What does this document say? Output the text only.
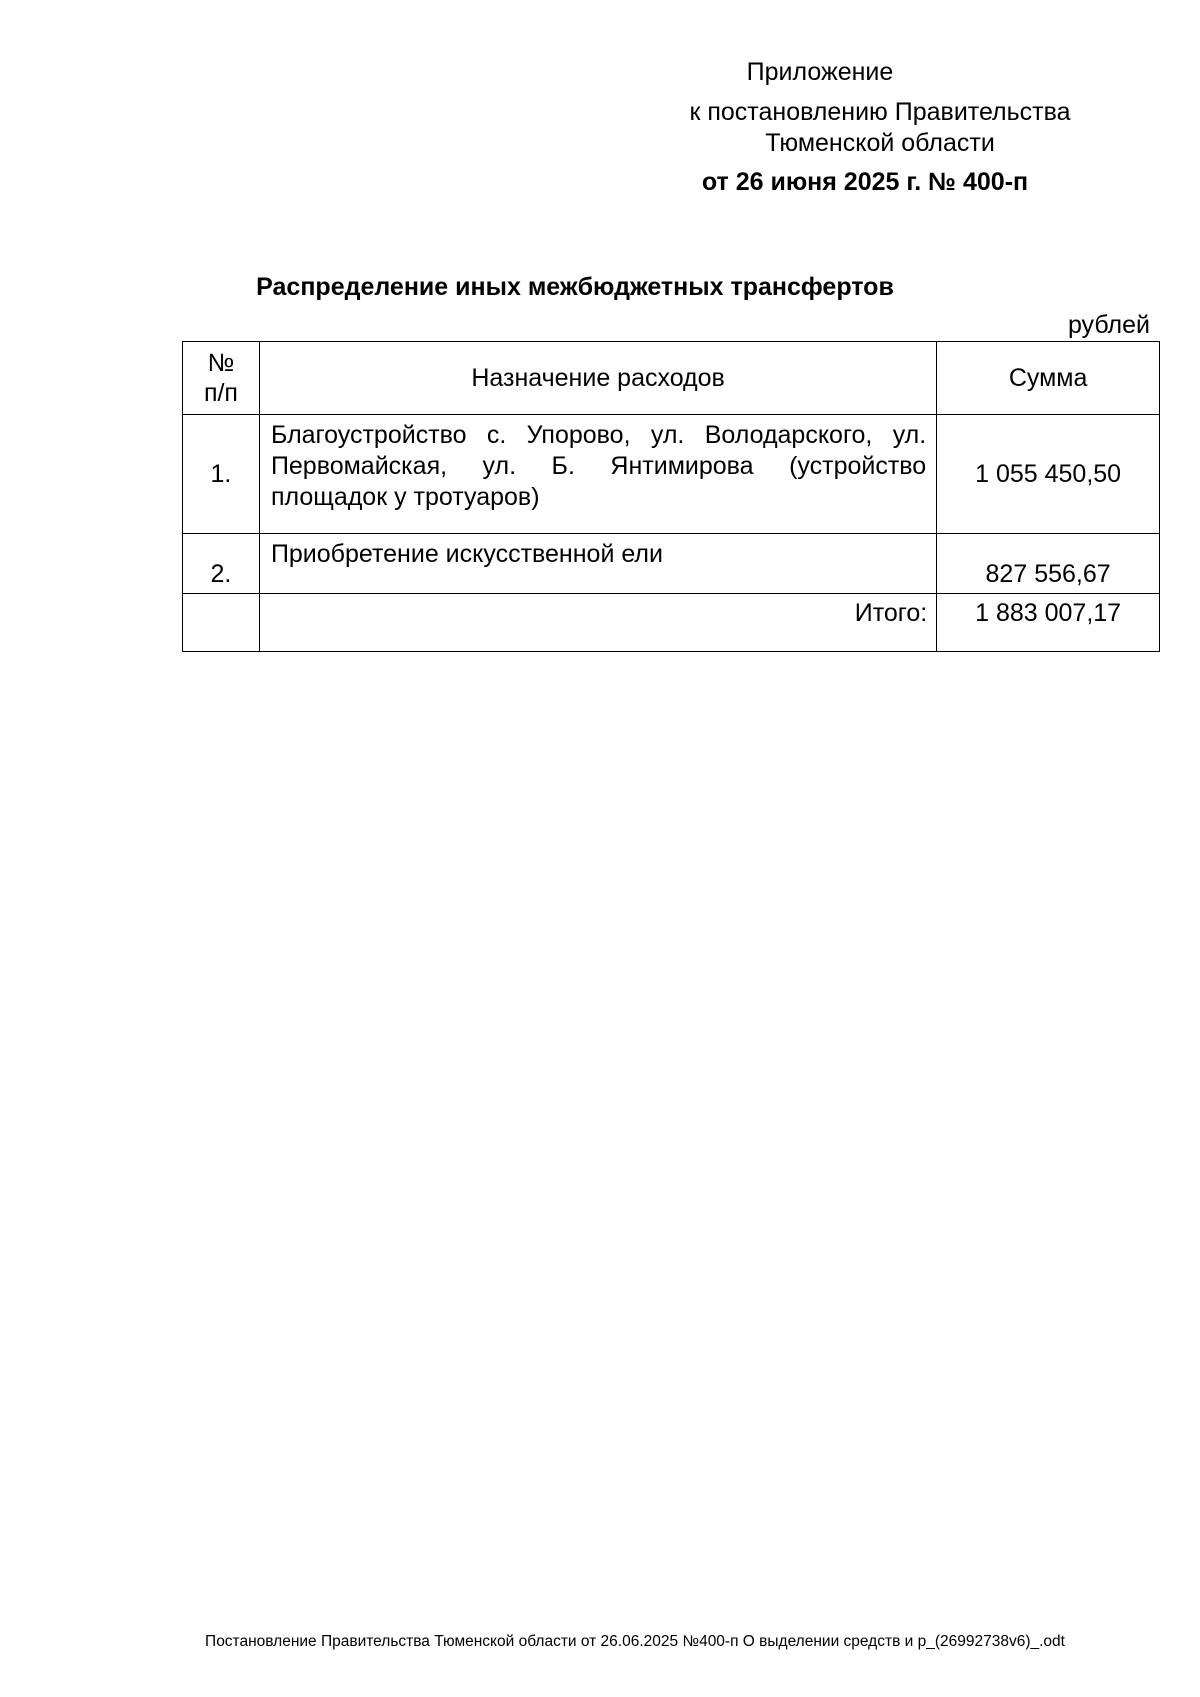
Приложение
к постановлению Правительства Тюменской области
от 26 июня 2025 г. № 400-п
Распределение иных межбюджетных трансфертов
рублей
№ п/п	Назначение расходов	Сумма
1.	Благоустройство с. Упорово, ул. Володарского, ул. Первомайская, ул. Б. Янтимирова (устройство площадок у тротуаров)	1 055 450,50
2.	Приобретение искусственной ели	827 556,67
	Итого:	1 883 007,17
Постановление Правительства Тюменской области от 26.06.2025 №400-п О выделении средств и р_(26992738v6)_.odt
